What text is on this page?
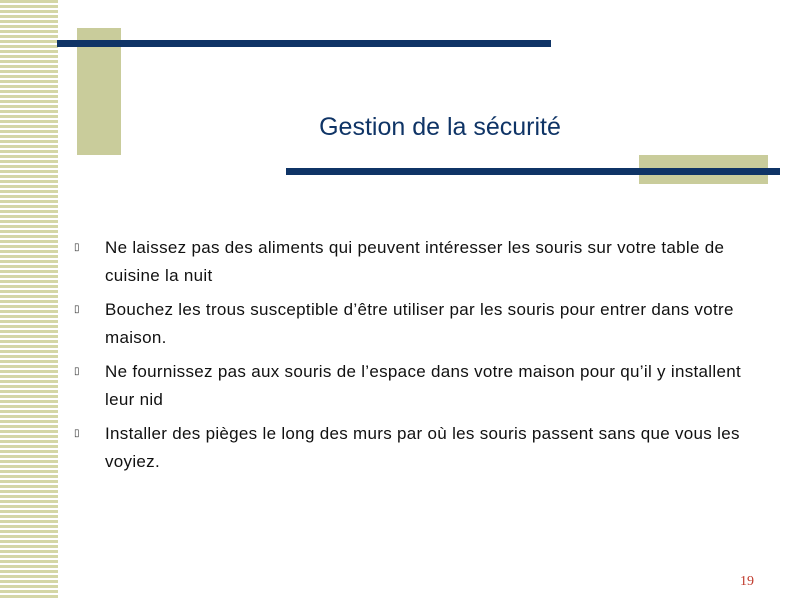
Gestion de la sécurité
▯	Ne laissez pas des aliments qui peuvent intéresser les souris sur votre table de cuisine la nuit
▯	Bouchez les trous susceptible d’être utiliser par les souris pour entrer dans votre maison.
▯	Ne fournissez pas aux souris de l’espace dans votre maison pour qu’il y installent leur nid
▯	Installer des pièges le long des murs par où les souris passent sans que vous les voyiez.
19
